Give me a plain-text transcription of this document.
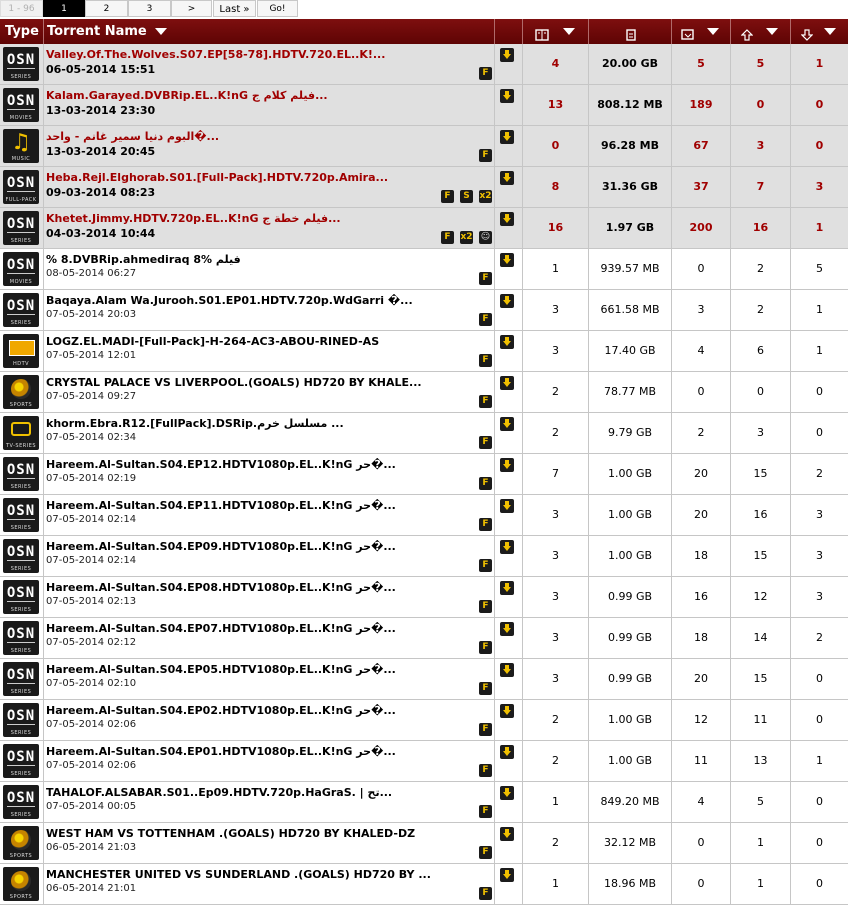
1 - 96	1	2	3	>	Last »	Go!
Type Torrent Name
OSN
SERIES
Valley.Of.The.Wolves.S07.EP[58-78].HDTV.720.EL..K!...
06-05-2014 15:51	F
4	20.00 GB	5	5	1
OSN
MOVIES
Kalam.Garayed.DVBRip.EL..K!nG فيلم كلام ج...
13-03-2014 23:30	13	808.12 MB	189	0	0
♫
MUSIC
البوم دنيا سمير غانم - واحد�...
13-03-2014 20:45	F
0	96.28 MB	67	3	0
OSN
FULL-PACK
Heba.Rejl.Elghorab.S01.[Full-Pack].HDTV.720p.Amira...
09-03-2014 08:23	F	S	x2
8	31.36 GB	37	7	3
OSN
SERIES
Khetet.Jimmy.HDTV.720p.EL..K!nG فيلم خطة ج...
04-03-2014 10:44	F	x2 ☺
16	1.97 GB	200	16	1
OSN
MOVIES
% 8.DVBRip.ahmediraq 8% فيلم
08-05-2014 06:27	F
1	939.57 MB	0	2	5
OSN
SERIES
Baqaya.Alam Wa.Jurooh.S01.EP01.HDTV.720p.WdGarri �...
07-05-2014 20:03	F
3	661.58 MB	3	2	1
HDTV
LOGZ.EL.MADI-[Full-Pack]-H-264-AC3-ABOU-RINED-AS
07-05-2014 12:01	F
3	17.40 GB	4	6	1
SPORTS
CRYSTAL PALACE VS LIVERPOOL.(GOALS) HD720 BY KHALE...
07-05-2014 09:27	F
2	78.77 MB	0	0	0
TV-SERIES
khorm.Ebra.R12.[FullPack].DSRip.مسلسل خرم ...
07-05-2014 02:34	F
2	9.79 GB	2	3	0
OSN
SERIES
Hareem.Al-Sultan.S04.EP12.HDTV1080p.EL..K!nG حر�...
07-05-2014 02:19	F
7	1.00 GB	20	15	2
OSN
SERIES
Hareem.Al-Sultan.S04.EP11.HDTV1080p.EL..K!nG حر�...
07-05-2014 02:14	F
3	1.00 GB	20	16	3
OSN
SERIES
Hareem.Al-Sultan.S04.EP09.HDTV1080p.EL..K!nG حر�...
07-05-2014 02:14	F
3	1.00 GB	18	15	3
OSN
SERIES
Hareem.Al-Sultan.S04.EP08.HDTV1080p.EL..K!nG حر�...
07-05-2014 02:13	F
3	0.99 GB	16	12	3
OSN
SERIES
Hareem.Al-Sultan.S04.EP07.HDTV1080p.EL..K!nG حر�...
07-05-2014 02:12	F
3	0.99 GB	18	14	2
OSN
SERIES
Hareem.Al-Sultan.S04.EP05.HDTV1080p.EL..K!nG حر�...
07-05-2014 02:10	F
3	0.99 GB	20	15	0
OSN
SERIES
Hareem.Al-Sultan.S04.EP02.HDTV1080p.EL..K!nG حر�...
07-05-2014 02:06	F
2	1.00 GB	12	11	0
OSN
SERIES
Hareem.Al-Sultan.S04.EP01.HDTV1080p.EL..K!nG حر�...
07-05-2014 02:06	F
2	1.00 GB	11	13	1
OSN
SERIES
TAHALOF.ALSABAR.S01..Ep09.HDTV.720p.HaGraS. | تح...
07-05-2014 00:05	F
1	849.20 MB	4	5	0
SPORTS
WEST HAM VS TOTTENHAM .(GOALS) HD720 BY KHALED-DZ
06-05-2014 21:03	F
2	32.12 MB	0	1	0
SPORTS
MANCHESTER UNITED VS SUNDERLAND .(GOALS) HD720 BY ...
06-05-2014 21:01	F
1	18.96 MB	0	1	0
